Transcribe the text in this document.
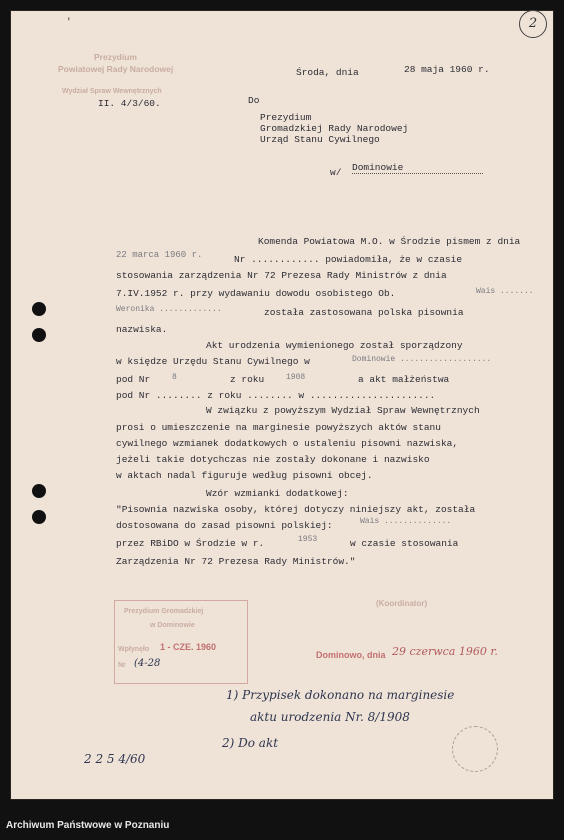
2
'
Prezydium
Powiatowej Rady Narodowej
Wydział Spraw Wewnętrznych
II. 4/3/60.
Środa, dnia	28 maja 1960 r.
Do
Prezydium
Gromadzkiej Rady Narodowej
Urząd Stanu Cywilnego
w/ Dominowie
Komenda Powiatowa M.O. w Środzie pismem z dnia
22 marca 1960 r.	Nr ............ powiadomiła, że w czasie
stosowania zarządzenia Nr 72 Prezesa Rady Ministrów z dnia
7.IV.1952 r. przy wydawaniu dowodu osobistego Ob.	Wais .......
Weronika .............	została zastosowana polska pisownia
nazwiska.
Akt urodzenia wymienionego został sporządzony
w księdze Urzędu Stanu Cywilnego w	Dominowie ...................
pod Nr	8	z roku	1908	a akt małżeństwa
pod Nr ........ z roku ........ w ......................
W związku z powyższym Wydział Spraw Wewnętrznych
prosi o umieszczenie na marginesie powyższych aktów stanu
cywilnego wzmianek dodatkowych o ustaleniu pisowni nazwiska,
jeżeli takie dotychczas nie zostały dokonane i nazwisko
w aktach nadal figuruje według pisowni obcej.
Wzór wzmianki dodatkowej:
"Pisownia nazwiska osoby, której dotyczy niniejszy akt, została
dostosowana do zasad pisowni polskiej:	Wais ..............
przez RBiDO w Środzie w r.	1953	w czasie stosowania
Zarządzenia Nr 72 Prezesa Rady Ministrów."
(Koordinator)
Prezydium Gromadzkiej
w Dominowie
Wpłynęło 1 - CZE. 1960
Nr (4-28
Dominowo, dnia 29 czerwca 1960 r.
1) Przypisek dokonano na marginesie
aktu urodzenia Nr. 8/1908
2) Do akt
2 2 5 4/60
Archiwum Państwowe w Poznaniu
